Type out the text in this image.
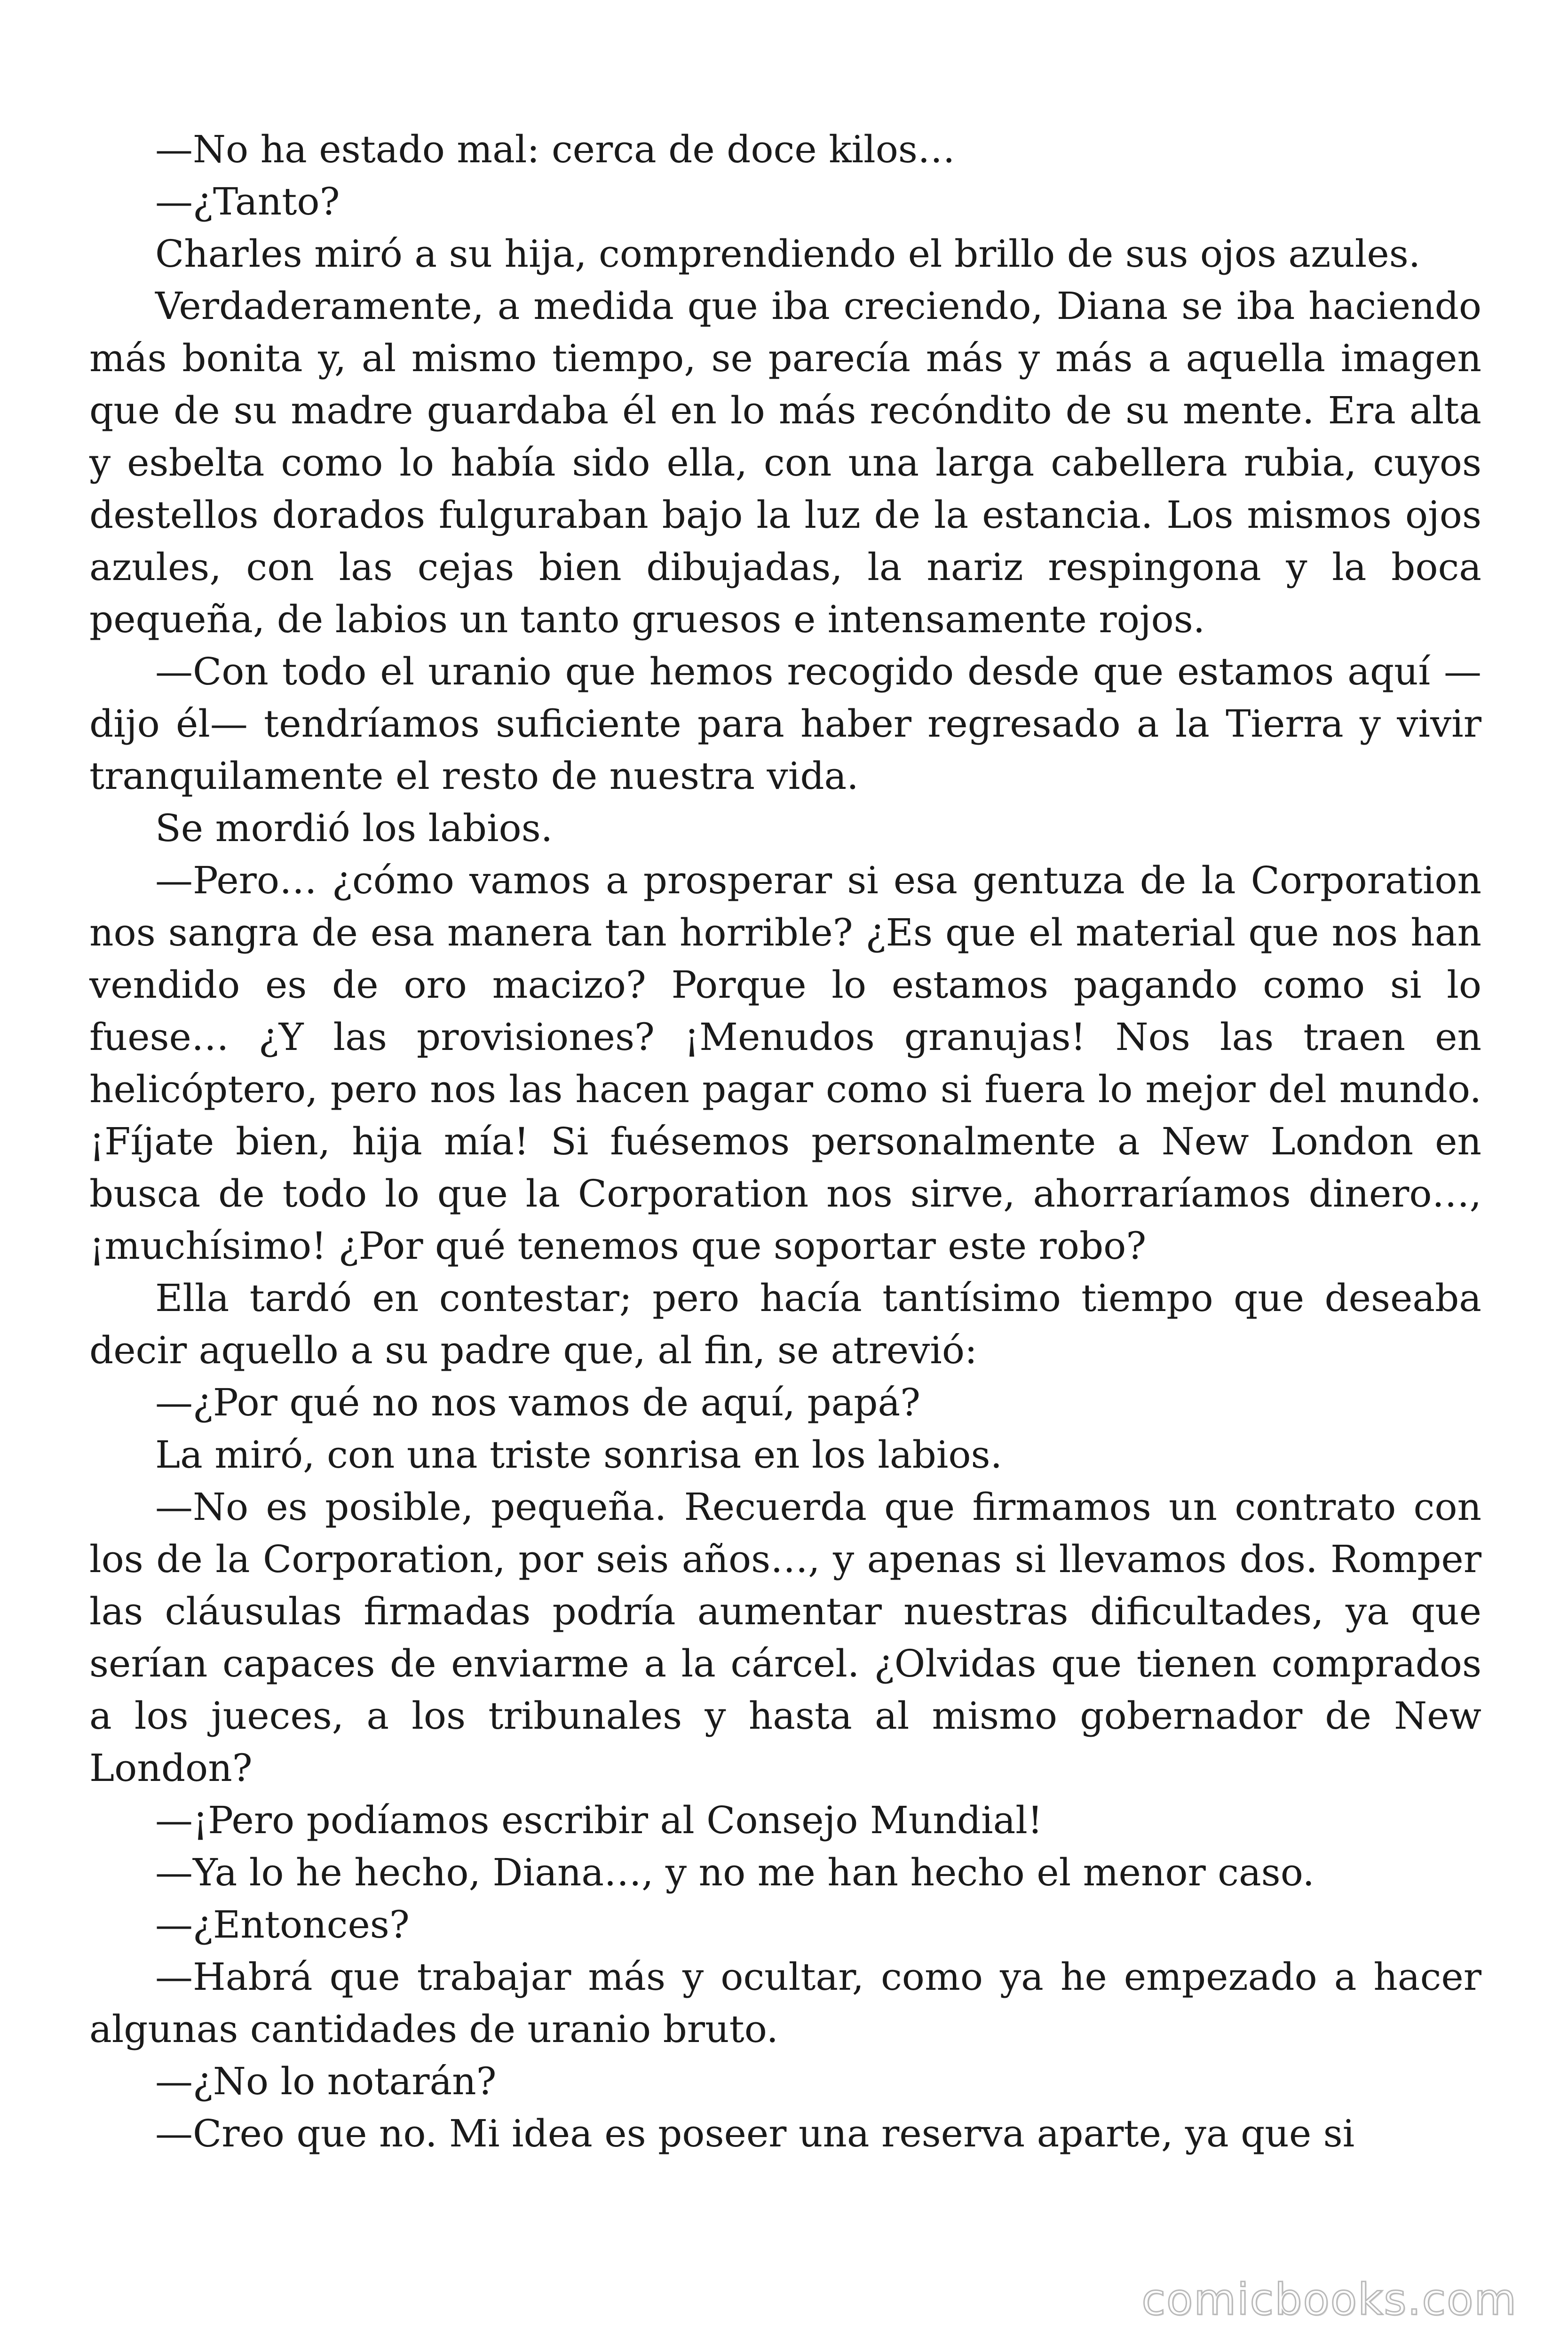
—No ha estado mal: cerca de doce kilos…

—¿Tanto?

Charles miró a su hija, comprendiendo el brillo de sus ojos azules.

Verdaderamente, a medida que iba creciendo, Diana se iba haciendo más bonita y, al mismo tiempo, se parecía más y más a aquella imagen que de su madre guardaba él en lo más recóndito de su mente. Era alta y esbelta como lo había sido ella, con una larga cabellera rubia, cuyos destellos dorados fulguraban bajo la luz de la estancia. Los mismos ojos azules, con las cejas bien dibujadas, la nariz respingona y la boca pequeña, de labios un tanto gruesos e intensamente rojos.

—Con todo el uranio que hemos recogido desde que estamos aquí —dijo él— tendríamos suficiente para haber regresado a la Tierra y vivir tranquilamente el resto de nuestra vida.

Se mordió los labios.

—Pero… ¿cómo vamos a prosperar si esa gentuza de la Corporation nos sangra de esa manera tan horrible? ¿Es que el material que nos han vendido es de oro macizo? Porque lo estamos pagando como si lo fuese… ¿Y las provisiones? ¡Menudos granujas! Nos las traen en helicóptero, pero nos las hacen pagar como si fuera lo mejor del mundo. ¡Fíjate bien, hija mía! Si fuésemos personalmente a New London en busca de todo lo que la Corporation nos sirve, ahorraríamos dinero…, ¡muchísimo! ¿Por qué tenemos que soportar este robo?

Ella tardó en contestar; pero hacía tantísimo tiempo que deseaba decir aquello a su padre que, al fin, se atrevió:

—¿Por qué no nos vamos de aquí, papá?

La miró, con una triste sonrisa en los labios.

—No es posible, pequeña. Recuerda que firmamos un contrato con los de la Corporation, por seis años…, y apenas si llevamos dos. Romper las cláusulas firmadas podría aumentar nuestras dificultades, ya que serían capaces de enviarme a la cárcel. ¿Olvidas que tienen comprados a los jueces, a los tribunales y hasta al mismo gobernador de New London?

—¡Pero podíamos escribir al Consejo Mundial!

—Ya lo he hecho, Diana…, y no me han hecho el menor caso.

—¿Entonces?

—Habrá que trabajar más y ocultar, como ya he empezado a hacer algunas cantidades de uranio bruto.

—¿No lo notarán?

—Creo que no. Mi idea es poseer una reserva aparte, ya que si

comicbooks.com
